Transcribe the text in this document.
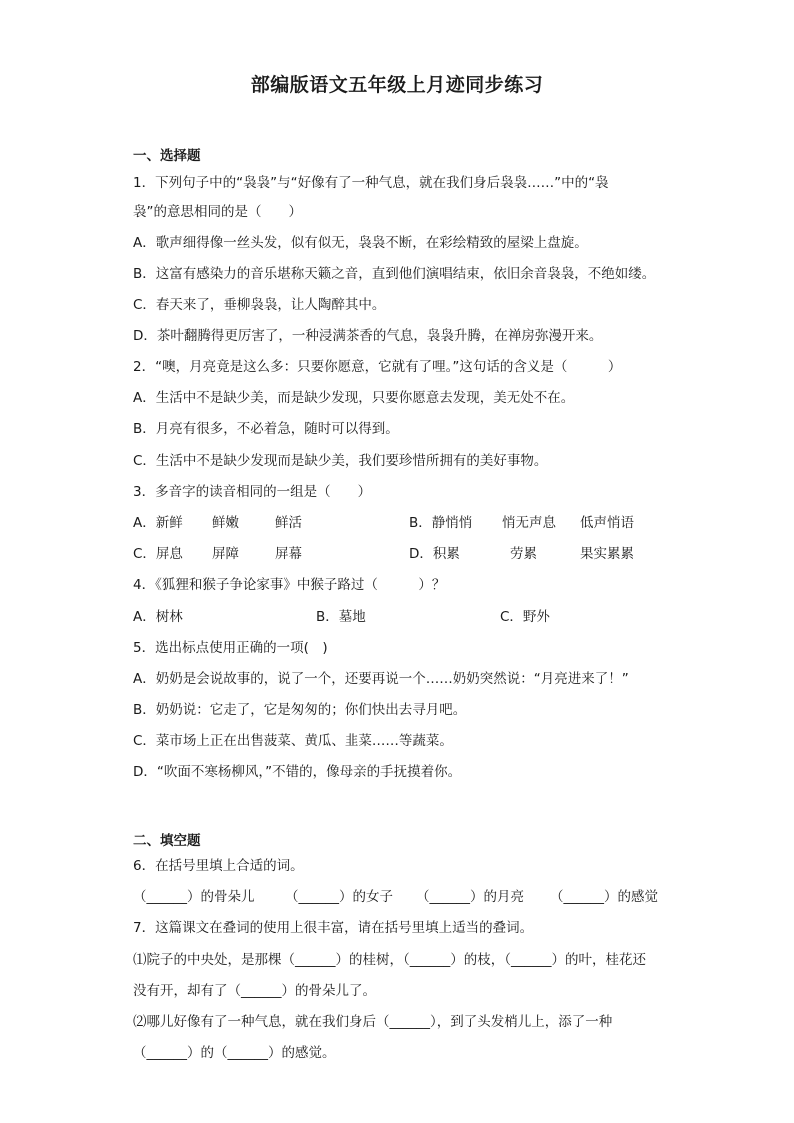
部编版语文五年级上月迹同步练习
一、选择题
1．下列句子中的“袅袅”与“好像有了一种气息，就在我们身后袅袅……”中的“袅
袅”的意思相同的是（　　）
A．歌声细得像一丝头发，似有似无，袅袅不断，在彩绘精致的屋梁上盘旋。
B．这富有感染力的音乐堪称天籁之音，直到他们演唱结束，依旧余音袅袅，不绝如缕。
C．春天来了，垂柳袅袅，让人陶醉其中。
D．茶叶翻腾得更厉害了，一种浸满茶香的气息，袅袅升腾，在禅房弥漫开来。
2．“噢，月亮竟是这么多：只要你愿意，它就有了哩。”这句话的含义是（　　　）
A．生活中不是缺少美，而是缺少发现，只要你愿意去发现，美无处不在。
B．月亮有很多，不必着急，随时可以得到。
C．生活中不是缺少发现而是缺少美，我们要珍惜所拥有的美好事物。
3．多音字的读音相同的一组是（　　）
A．新鲜 鲜嫩	鲜活	B．静悄悄 悄无声息 低声悄语
C．屏息 屏障	屏幕	D．积累	劳累	果实累累
4．《狐狸和猴子争论家事》中猴子路过（　　　）？
A．树林	B．墓地	C．野外
5．选出标点使用正确的一项(　)
A．奶奶是会说故事的，说了一个，还要再说一个……奶奶突然说：“月亮进来了！”
B．奶奶说：它走了，它是匆匆的；你们快出去寻月吧。
C．菜市场上正在出售菠菜、黄瓜、韭菜……等蔬菜。
D．“吹面不寒杨柳风，”不错的，像母亲的手抚摸着你。
二、填空题
6．在括号里填上合适的词。
（______）的骨朵儿 （______）的女子 （______）的月亮 （______）的感觉
7．这篇课文在叠词的使用上很丰富，请在括号里填上适当的叠词。
⑴院子的中央处，是那棵（______）的桂树，（______）的枝，（______）的叶，桂花还
没有开，却有了（______）的骨朵儿了。
⑵哪儿好像有了一种气息，就在我们身后（______），到了头发梢儿上，添了一种
（______）的（______）的感觉。
